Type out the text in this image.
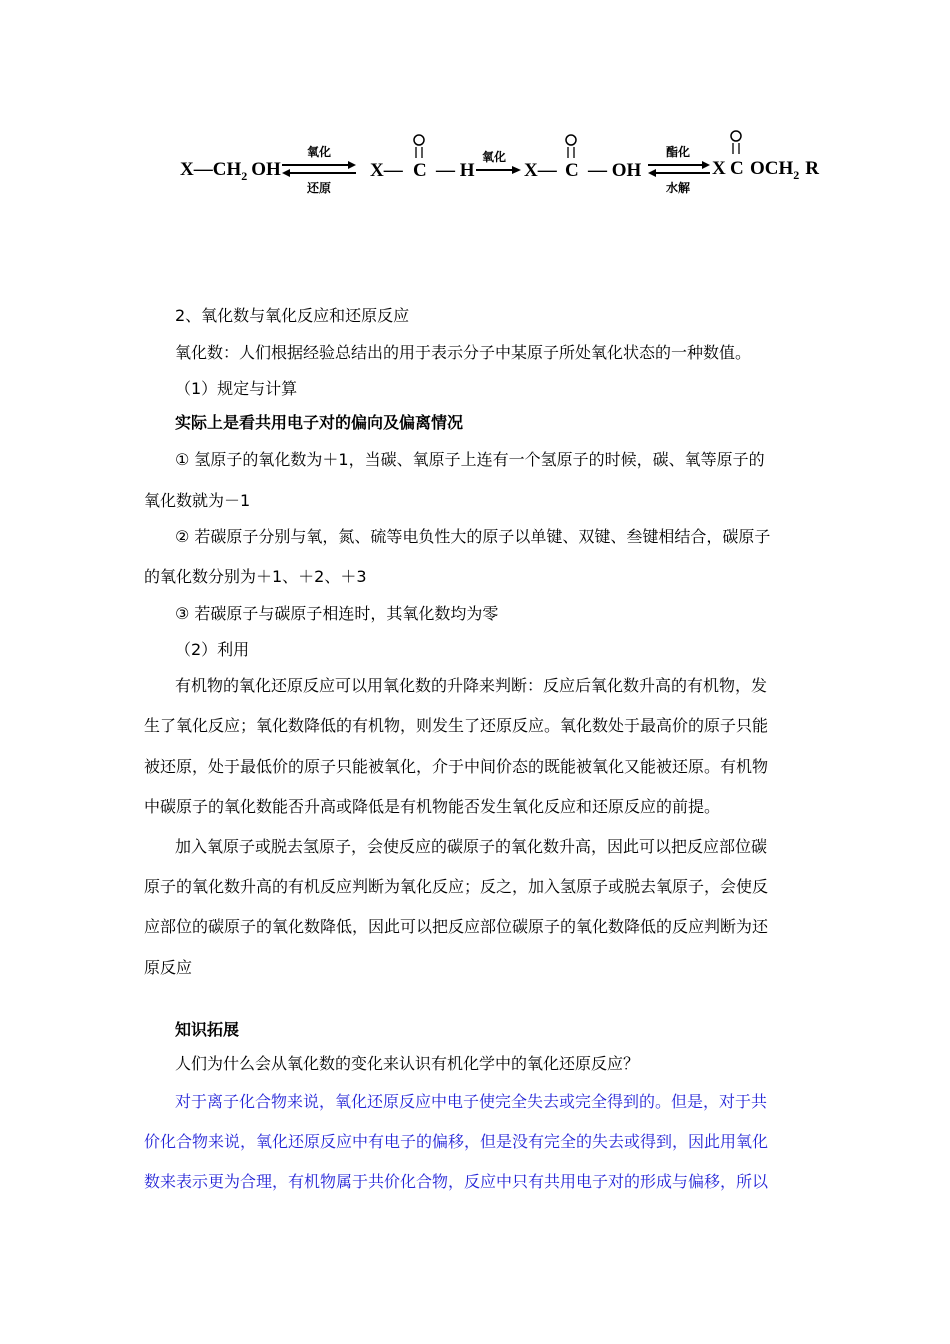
$X—CH_2$ OH
氧化
还原
X— C — H
氧化
X— C — OH
酯化
水解
X C $OCH_2$ R
2、氧化数与氧化反应和还原反应
氧化数：人们根据经验总结出的用于表示分子中某原子所处氧化状态的一种数值。
（1）规定与计算
实际上是看共用电子对的偏向及偏离情况
① 氢原子的氧化数为＋1，当碳、氧原子上连有一个氢原子的时候，碳、氧等原子的
氧化数就为－1
② 若碳原子分别与氧，氮、硫等电负性大的原子以单键、双键、叁键相结合，碳原子
的氧化数分别为＋1、＋2、＋3
③ 若碳原子与碳原子相连时，其氧化数均为零
（2）利用
有机物的氧化还原反应可以用氧化数的升降来判断：反应后氧化数升高的有机物，发
生了氧化反应；氧化数降低的有机物，则发生了还原反应。氧化数处于最高价的原子只能
被还原，处于最低价的原子只能被氧化，介于中间价态的既能被氧化又能被还原。有机物
中碳原子的氧化数能否升高或降低是有机物能否发生氧化反应和还原反应的前提。
加入氧原子或脱去氢原子，会使反应的碳原子的氧化数升高，因此可以把反应部位碳
原子的氧化数升高的有机反应判断为氧化反应；反之，加入氢原子或脱去氧原子，会使反
应部位的碳原子的氧化数降低，因此可以把反应部位碳原子的氧化数降低的反应判断为还
原反应
知识拓展
人们为什么会从氧化数的变化来认识有机化学中的氧化还原反应？
对于离子化合物来说，氧化还原反应中电子使完全失去或完全得到的。但是，对于共
价化合物来说，氧化还原反应中有电子的偏移，但是没有完全的失去或得到，因此用氧化
数来表示更为合理，有机物属于共价化合物，反应中只有共用电子对的形成与偏移，所以
